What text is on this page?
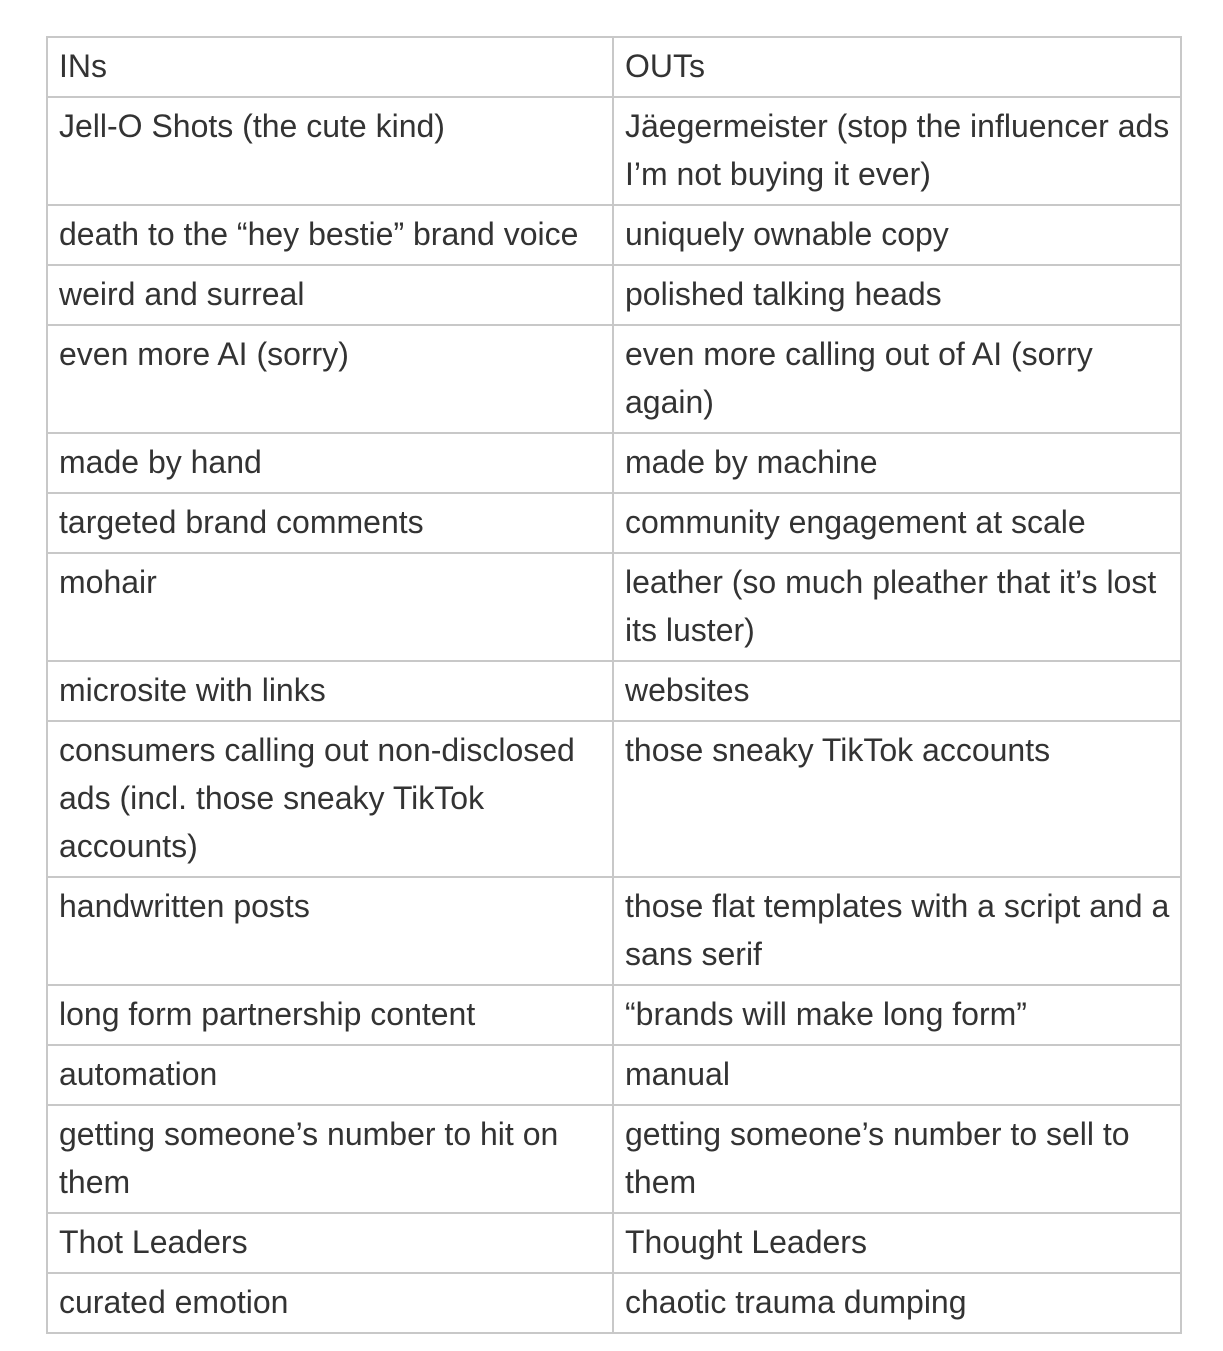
INs	OUTs
Jell-O Shots (the cute kind)	Jäegermeister (stop the influencer ads I’m not buying it ever)
death to the “hey bestie” brand voice	uniquely ownable copy
weird and surreal	polished talking heads
even more AI (sorry)	even more calling out of AI (sorry again)
made by hand	made by machine
targeted brand comments	community engagement at scale
mohair	leather (so much pleather that it’s lost its luster)
microsite with links	websites
consumers calling out non-disclosed ads (incl. those sneaky TikTok accounts)	those sneaky TikTok accounts
handwritten posts	those flat templates with a script and a sans serif
long form partnership content	“brands will make long form”
automation	manual
getting someone’s number to hit on them	getting someone’s number to sell to them
Thot Leaders	Thought Leaders
curated emotion	chaotic trauma dumping
